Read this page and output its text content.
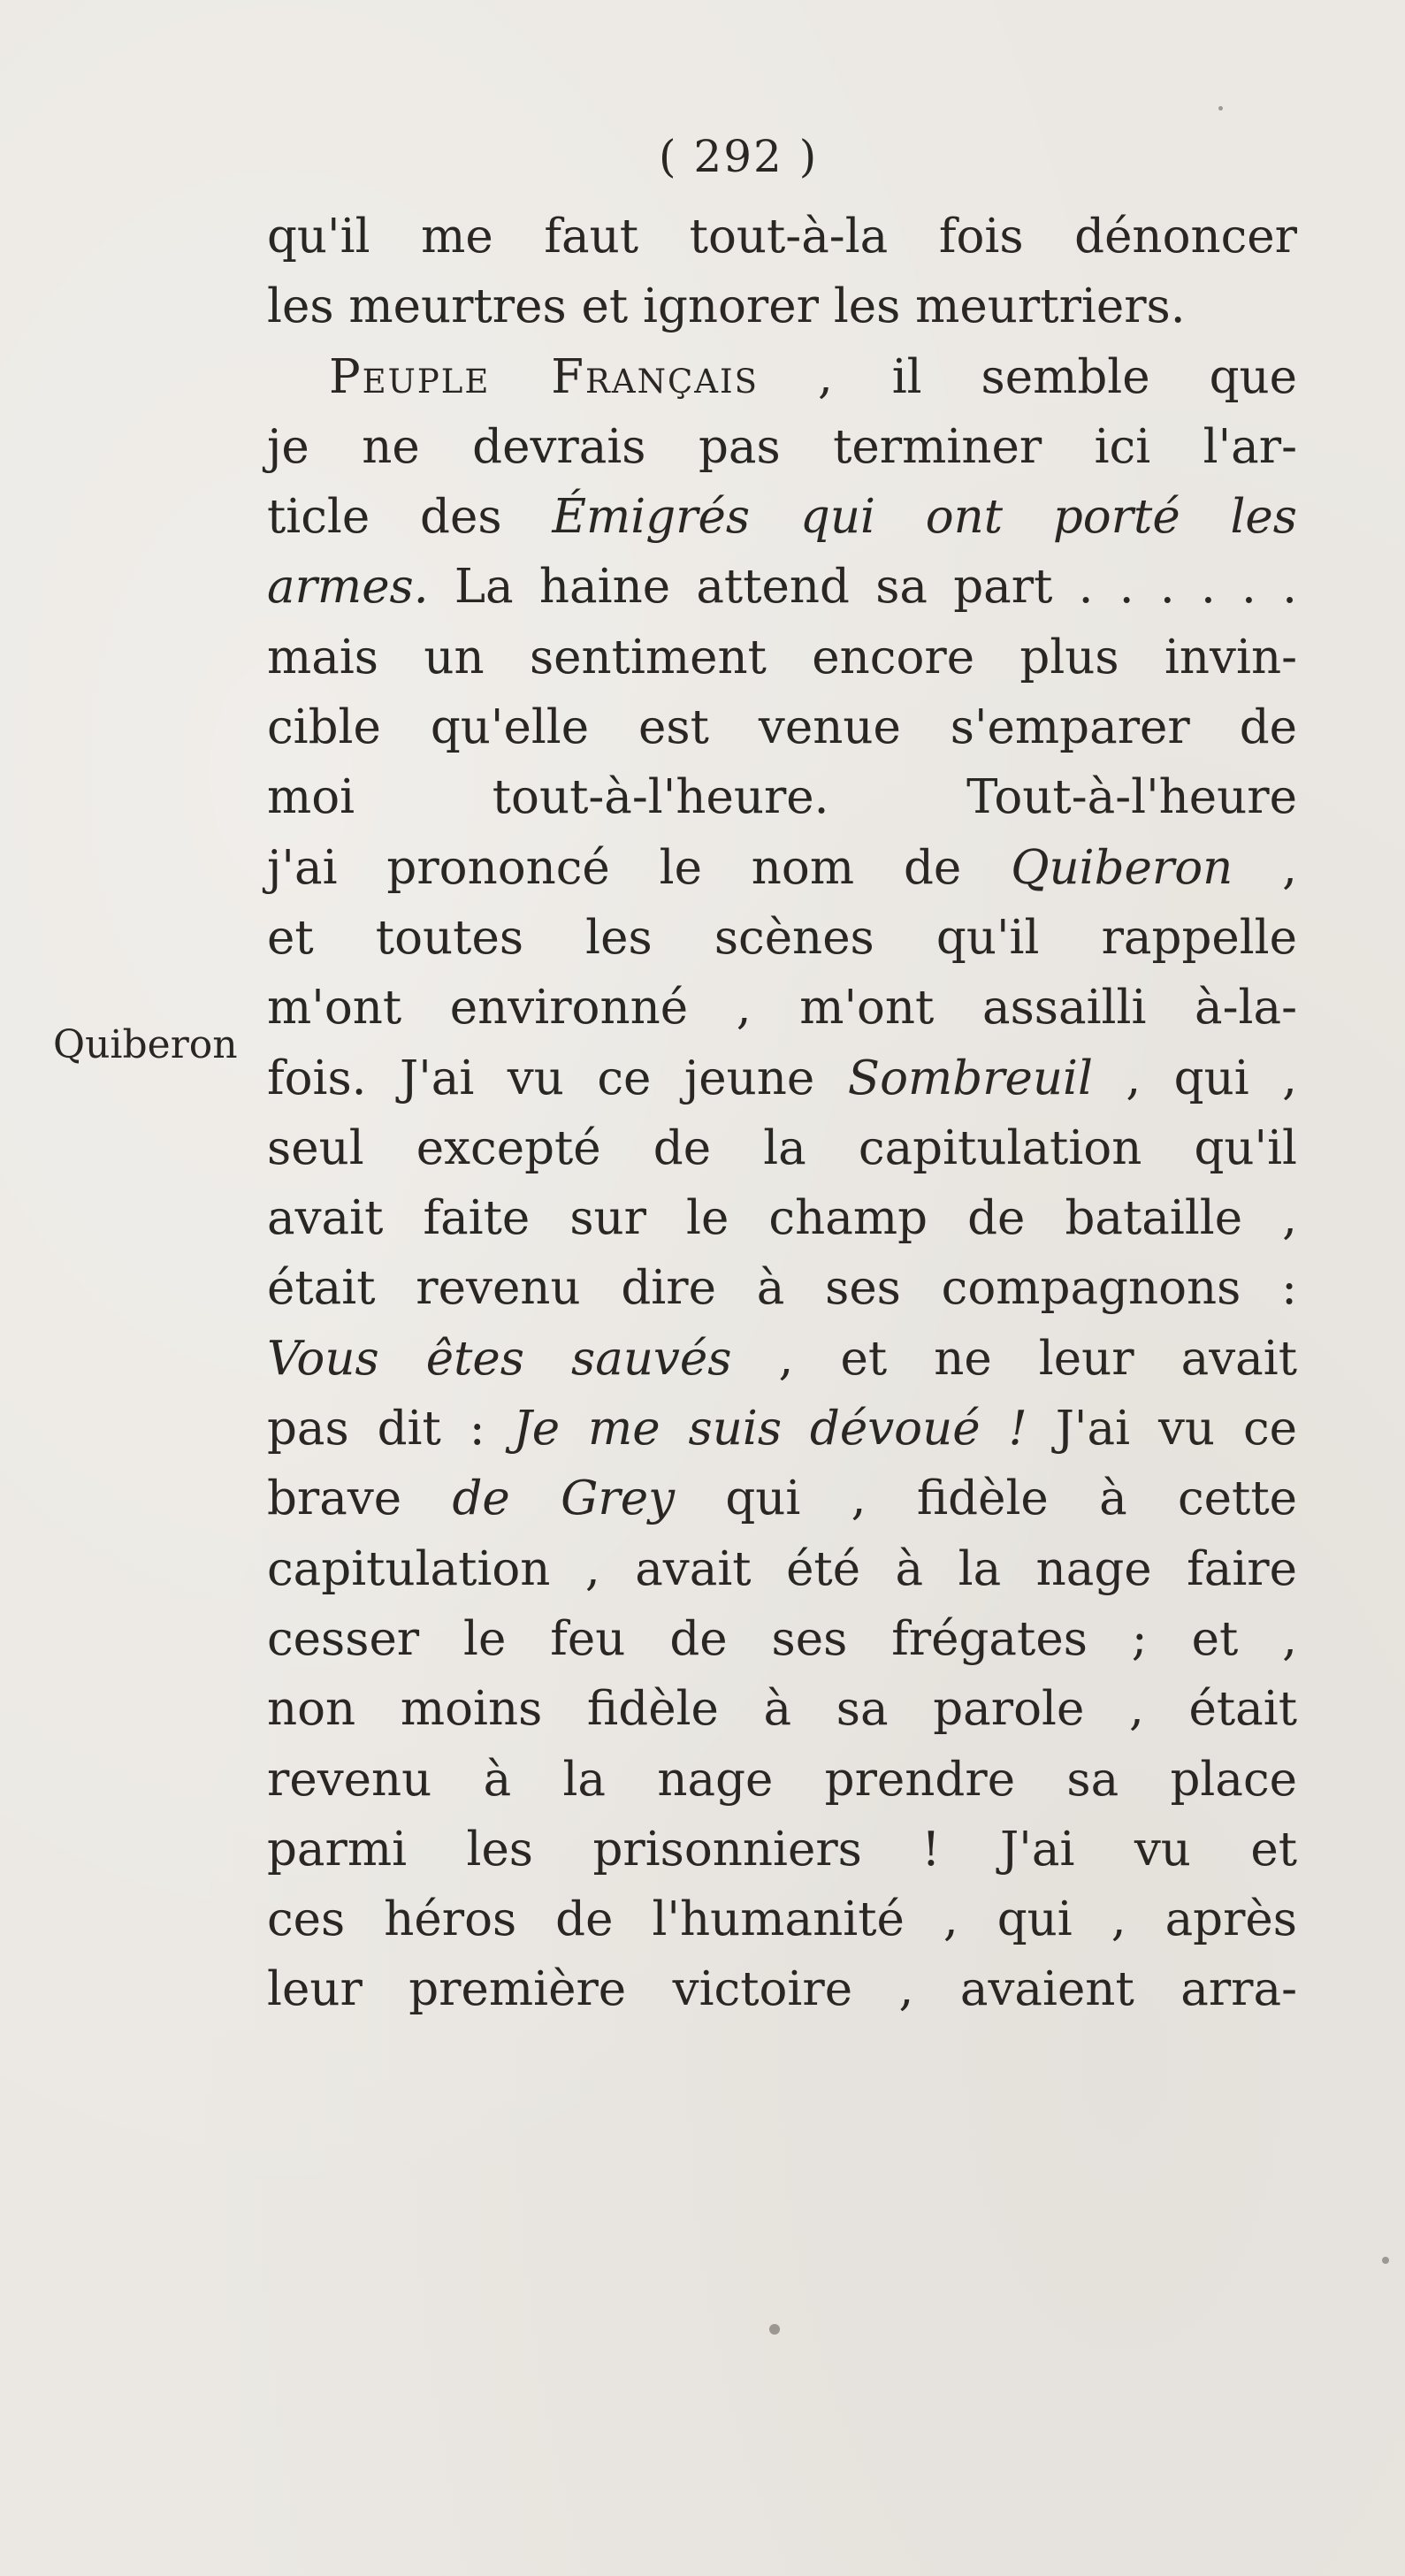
( 292 )
Quiberon
qu'il me faut tout-à-la fois dénoncer
les meurtres et ignorer les meurtriers.
Peuple Français , il semble que
je ne devrais pas terminer ici l'ar-
ticle des Émigrés qui ont porté les
armes. La haine attend sa part . . . . . .
mais un sentiment encore plus invin-
cible qu'elle est venue s'emparer de
moi tout-à-l'heure. Tout-à-l'heure
j'ai prononcé le nom de Quiberon ,
et toutes les scènes qu'il rappelle
m'ont environné , m'ont assailli à-la-
fois. J'ai vu ce jeune Sombreuil , qui ,
seul excepté de la capitulation qu'il
avait faite sur le champ de bataille ,
était revenu dire à ses compagnons :
Vous êtes sauvés , et ne leur avait
pas dit : Je me suis dévoué ! J'ai vu ce
brave de Grey qui , fidèle à cette
capitulation , avait été à la nage faire
cesser le feu de ses frégates ; et ,
non moins fidèle à sa parole , était
revenu à la nage prendre sa place
parmi les prisonniers ! J'ai vu et
ces héros de l'humanité , qui , après
leur première victoire , avaient arra-
